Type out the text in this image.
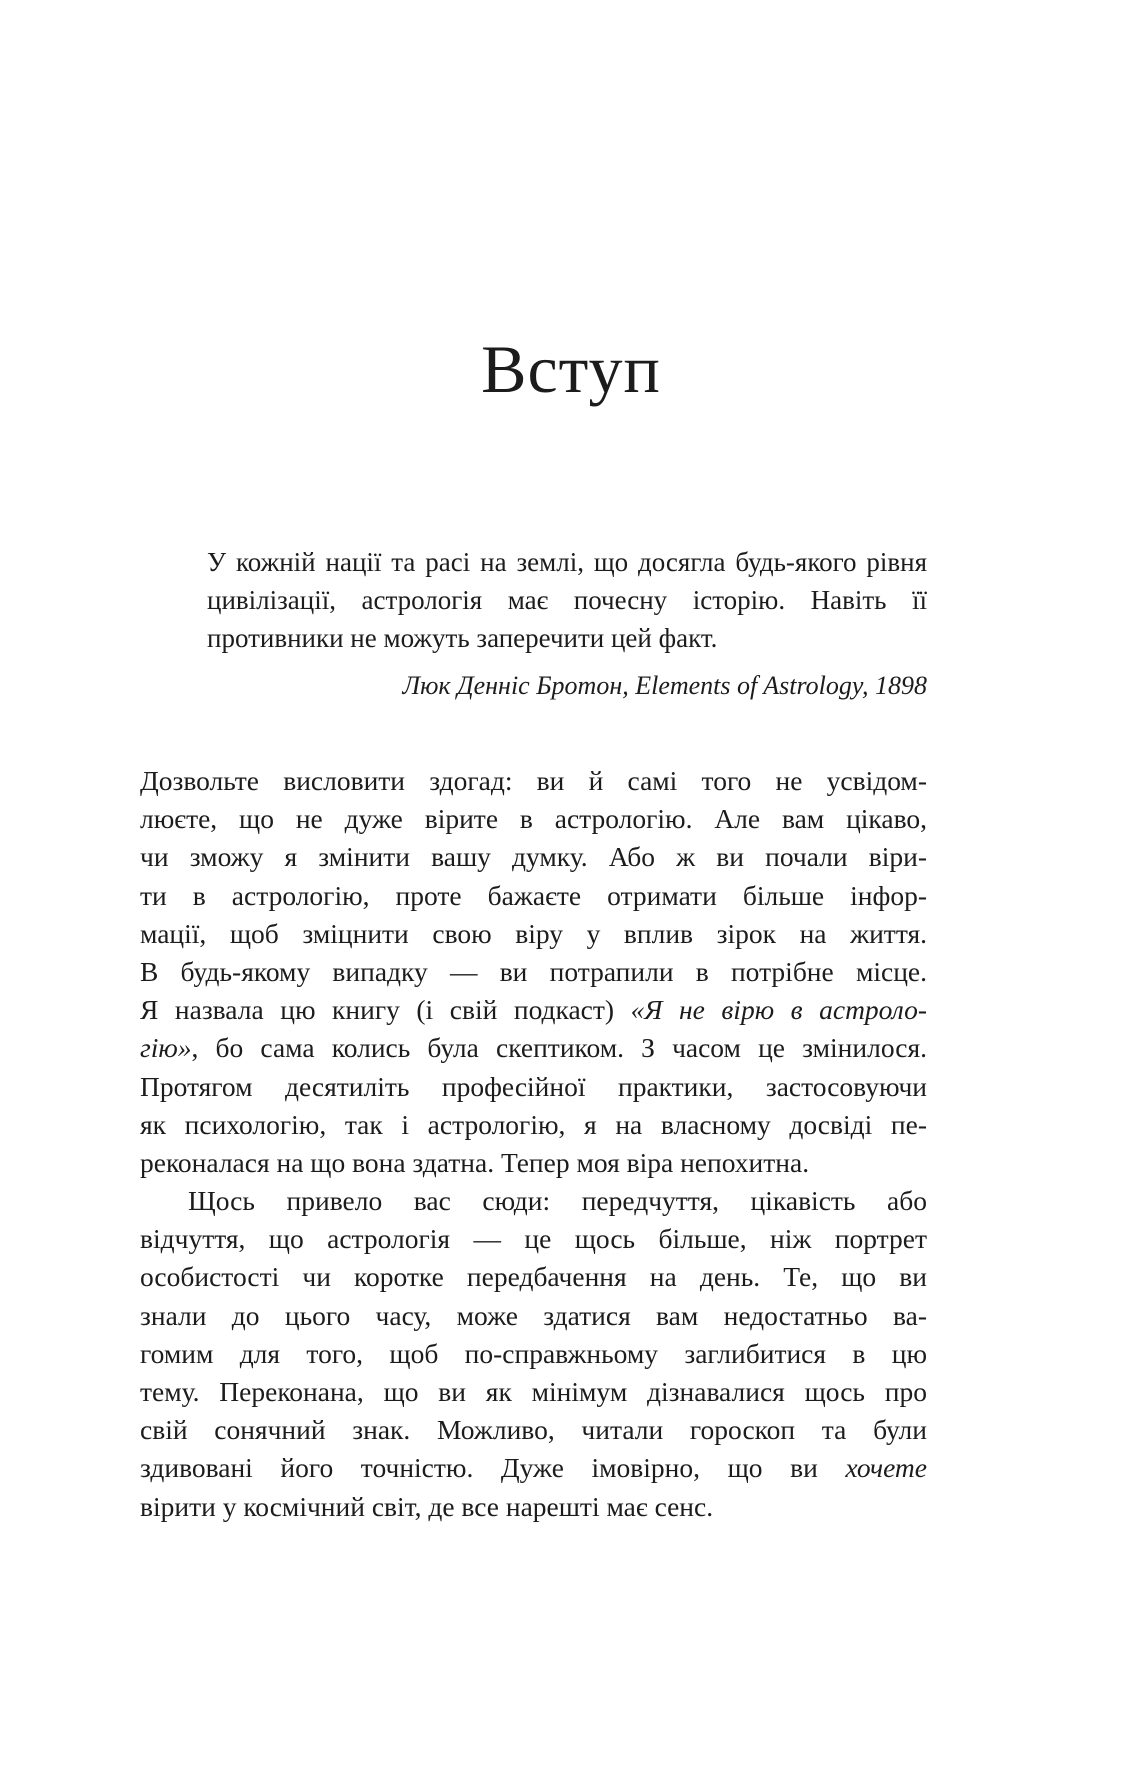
Вступ

У кожній нації та расі на землі, що досягла будь-якого рівня цивілізації, астрологія має почесну історію. Навіть її противники не можуть заперечити цей факт.

Люк Денніс Бротон, Elements of Astrology, 1898

Дозвольте висловити здогад: ви й самі того не усвідом-
люєте, що не дуже вірите в астрологію. Але вам цікаво,
чи зможу я змінити вашу думку. Або ж ви почали віри-
ти в астрологію, проте бажаєте отримати більше інфор-
мації, щоб зміцнити свою віру у вплив зірок на життя.
В будь-якому випадку — ви потрапили в потрібне місце.
Я назвала цю книгу (і свій подкаст) «Я не вірю в астроло-
гію», бо сама колись була скептиком. З часом це змінилося.
Протягом десятиліть професійної практики, застосовуючи
як психологію, так і астрологію, я на власному досвіді пе-
реконалася на що вона здатна. Тепер моя віра непохитна.
Щось привело вас сюди: передчуття, цікавість або
відчуття, що астрологія — це щось більше, ніж портрет
особистості чи коротке передбачення на день. Те, що ви
знали до цього часу, може здатися вам недостатньо ва-
гомим для того, щоб по-справжньому заглибитися в цю
тему. Переконана, що ви як мінімум дізнавалися щось про
свій сонячний знак. Можливо, читали гороскоп та були
здивовані його точністю. Дуже імовірно, що ви хочете
вірити у космічний світ, де все нарешті має сенс.
